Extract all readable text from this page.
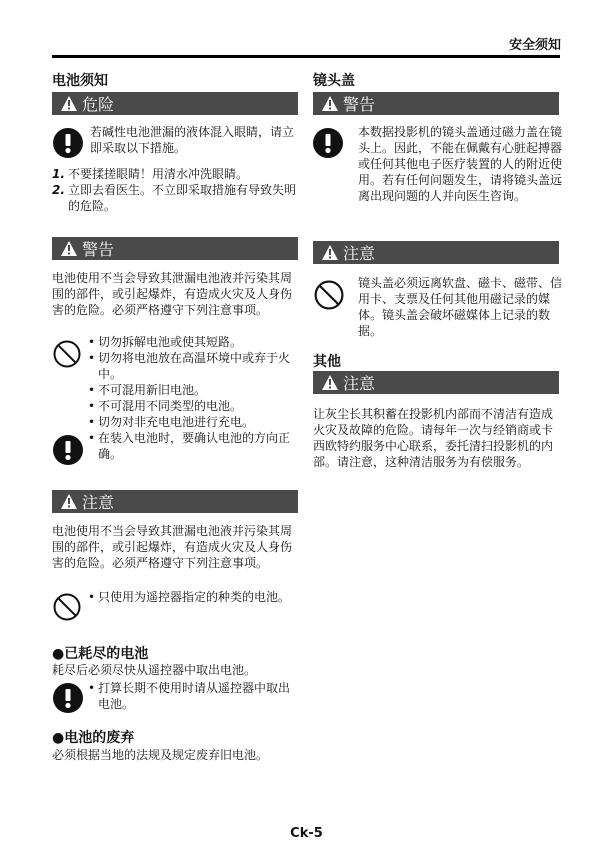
安全须知
电池须知
危险
若碱性电池泄漏的液体混入眼睛，请立即采取以下措施。
1. 不要揉搓眼睛！用清水冲洗眼睛。
2. 立即去看医生。不立即采取措施有导致失明的危险。
警告
电池使用不当会导致其泄漏电池液并污染其周围的部件，或引起爆炸，有造成火灾及人身伤害的危险。必须严格遵守下列注意事项。
• 切勿拆解电池或使其短路。
• 切勿将电池放在高温环境中或弃于火中。
• 不可混用新旧电池。
• 不可混用不同类型的电池。
• 切勿对非充电电池进行充电。
• 在装入电池时，要确认电池的方向正确。
注意
电池使用不当会导致其泄漏电池液并污染其周围的部件，或引起爆炸，有造成火灾及人身伤害的危险。必须严格遵守下列注意事项。
• 只使用为遥控器指定的种类的电池。
●已耗尽的电池
耗尽后必须尽快从遥控器中取出电池。
• 打算长期不使用时请从遥控器中取出电池。
●电池的废弃
必须根据当地的法规及规定废弃旧电池。
镜头盖
警告
本数据投影机的镜头盖通过磁力盖在镜头上。因此，不能在佩戴有心脏起搏器或任何其他电子医疗装置的人的附近使用。若有任何问题发生，请将镜头盖远离出现问题的人并向医生咨询。
注意
镜头盖必须远离软盘、磁卡、磁带、信用卡、支票及任何其他用磁记录的媒体。镜头盖会破坏磁媒体上记录的数据。
其他
注意
让灰尘长其积蓄在投影机内部而不清洁有造成火灾及故障的危险。请每年一次与经销商或卡西欧特约服务中心联系，委托清扫投影机的内部。请注意，这种清洁服务为有偿服务。
Ck-5
